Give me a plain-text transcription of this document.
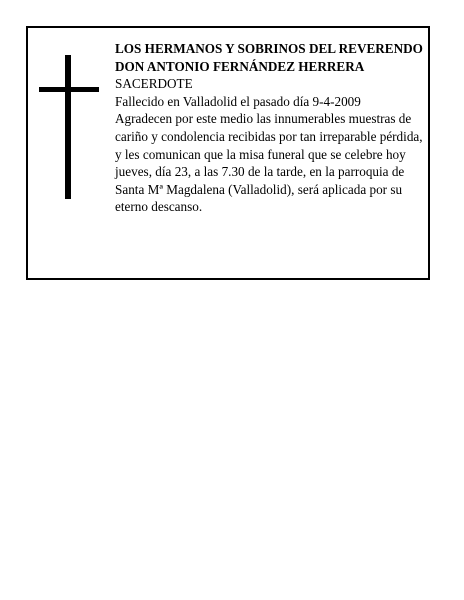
LOS HERMANOS Y SOBRINOS DEL REVERENDO
DON ANTONIO FERNÁNDEZ HERRERA
SACERDOTE
Fallecido en Valladolid el pasado día 9-4-2009
Agradecen por este medio las innumerables muestras de cariño y condolencia recibidas por tan irreparable pérdida, y les comunican que la misa funeral que se celebre hoy jueves, día 23, a las 7.30 de la tarde, en la parroquia de Santa Mª Magdalena (Valladolid), será aplicada por su eterno descanso.
